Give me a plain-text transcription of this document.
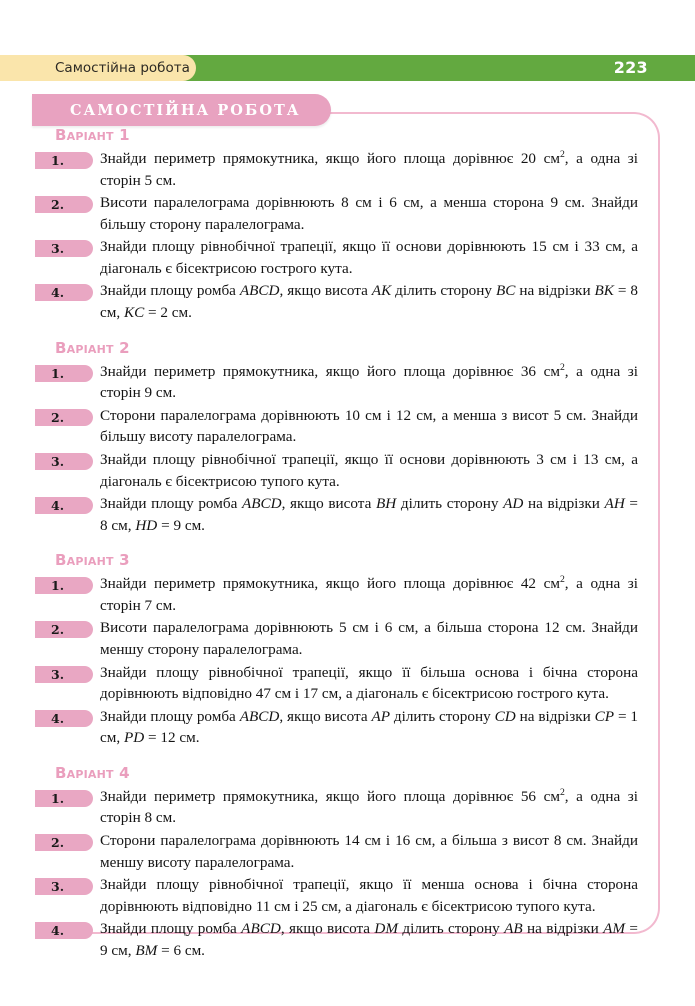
Самостійна робота	223
САМОСТІЙНА РОБОТА
Варіант 1
1. Знайди периметр прямокутника, якщо його площа дорівнює 20 $см^2$, а одна зі сторін 5 см.
2. Висоти паралелограма дорівнюють 8 см і 6 см, а менша сторона 9 см. Знайди більшу сторону паралелограма.
3. Знайди площу рівнобічної трапеції, якщо її основи дорівнюють 15 см і 33 см, а діагональ є бісектрисою гострого кута.
4. Знайди площу ромба ABCD, якщо висота AK ділить сторону BC на відрізки BK = 8 см, KC = 2 см.
Варіант 2
1. Знайди периметр прямокутника, якщо його площа дорівнює 36 $см^2$, а одна зі сторін 9 см.
2. Сторони паралелограма дорівнюють 10 см і 12 см, а менша з висот 5 см. Знайди більшу висоту паралелограма.
3. Знайди площу рівнобічної трапеції, якщо її основи дорівнюють 3 см і 13 см, а діагональ є бісектрисою тупого кута.
4. Знайди площу ромба ABCD, якщо висота BH ділить сторону AD на відрізки AH = 8 см, HD = 9 см.
Варіант 3
1. Знайди периметр прямокутника, якщо його площа дорівнює 42 $см^2$, а одна зі сторін 7 см.
2. Висоти паралелограма дорівнюють 5 см і 6 см, а більша сторона 12 см. Знайди меншу сторону паралелограма.
3. Знайди площу рівнобічної трапеції, якщо її більша основа і бічна сторона дорівнюють відповідно 47 см і 17 см, а діагональ є бісектрисою гострого кута.
4. Знайди площу ромба ABCD, якщо висота AP ділить сторону CD на відрізки CP = 1 см, PD = 12 см.
Варіант 4
1. Знайди периметр прямокутника, якщо його площа дорівнює 56 $см^2$, а одна зі сторін 8 см.
2. Сторони паралелограма дорівнюють 14 см і 16 см, а більша з висот 8 см. Знайди меншу висоту паралелограма.
3. Знайди площу рівнобічної трапеції, якщо її менша основа і бічна сторона дорівнюють відповідно 11 см і 25 см, а діагональ є бісектрисою тупого кута.
4. Знайди площу ромба ABCD, якщо висота DM ділить сторону AB на відрізки AM = 9 см, BM = 6 см.
